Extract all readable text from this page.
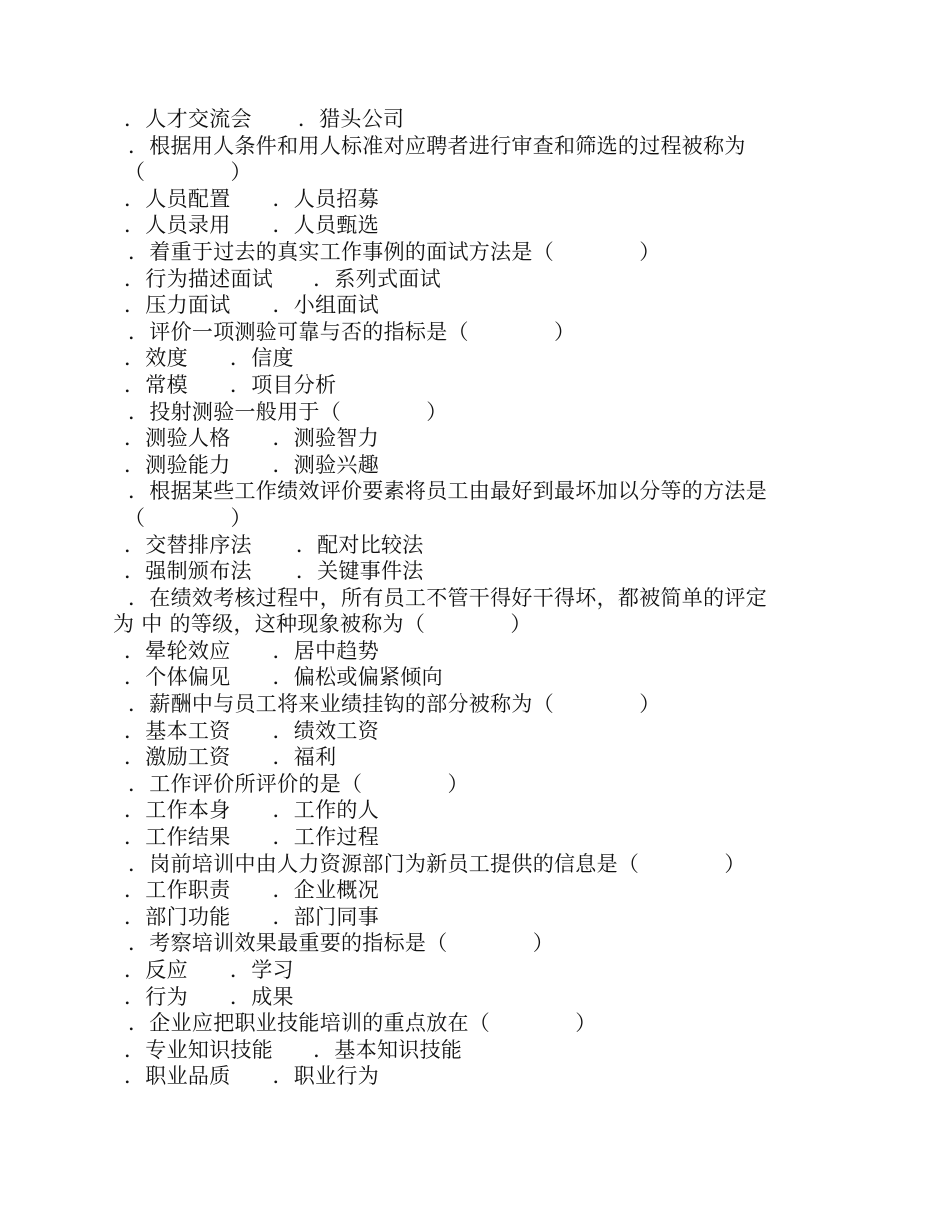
．人才交流会 ．猎头公司
．根据用人条件和用人标准对应聘者进行审查和筛选的过程被称为
（　　　　）
．人员配置 ．人员招募
．人员录用 ．人员甄选
．着重于过去的真实工作事例的面试方法是（　　　　）
．行为描述面试 ．系列式面试
．压力面试 ．小组面试
．评价一项测验可靠与否的指标是（　　　　）
．效度 ．信度
．常模 ．项目分析
．投射测验一般用于（　　　　）
．测验人格 ．测验智力
．测验能力 ．测验兴趣
．根据某些工作绩效评价要素将员工由最好到最坏加以分等的方法是
（　　　　）
．交替排序法 ．配对比较法
．强制颁布法 ．关键事件法
．在绩效考核过程中，所有员工不管干得好干得坏，都被简单的评定
为 中 的等级，这种现象被称为（　　　　）
．晕轮效应 ．居中趋势
．个体偏见 ．偏松或偏紧倾向
．薪酬中与员工将来业绩挂钩的部分被称为（　　　　）
．基本工资 ．绩效工资
．激励工资 ．福利
．工作评价所评价的是（　　　　）
．工作本身 ．工作的人
．工作结果 ．工作过程
．岗前培训中由人力资源部门为新员工提供的信息是（　　　　）
．工作职责 ．企业概况
．部门功能 ．部门同事
．考察培训效果最重要的指标是（　　　　）
．反应 ．学习
．行为 ．成果
．企业应把职业技能培训的重点放在（　　　　）
．专业知识技能 ．基本知识技能
．职业品质 ．职业行为
